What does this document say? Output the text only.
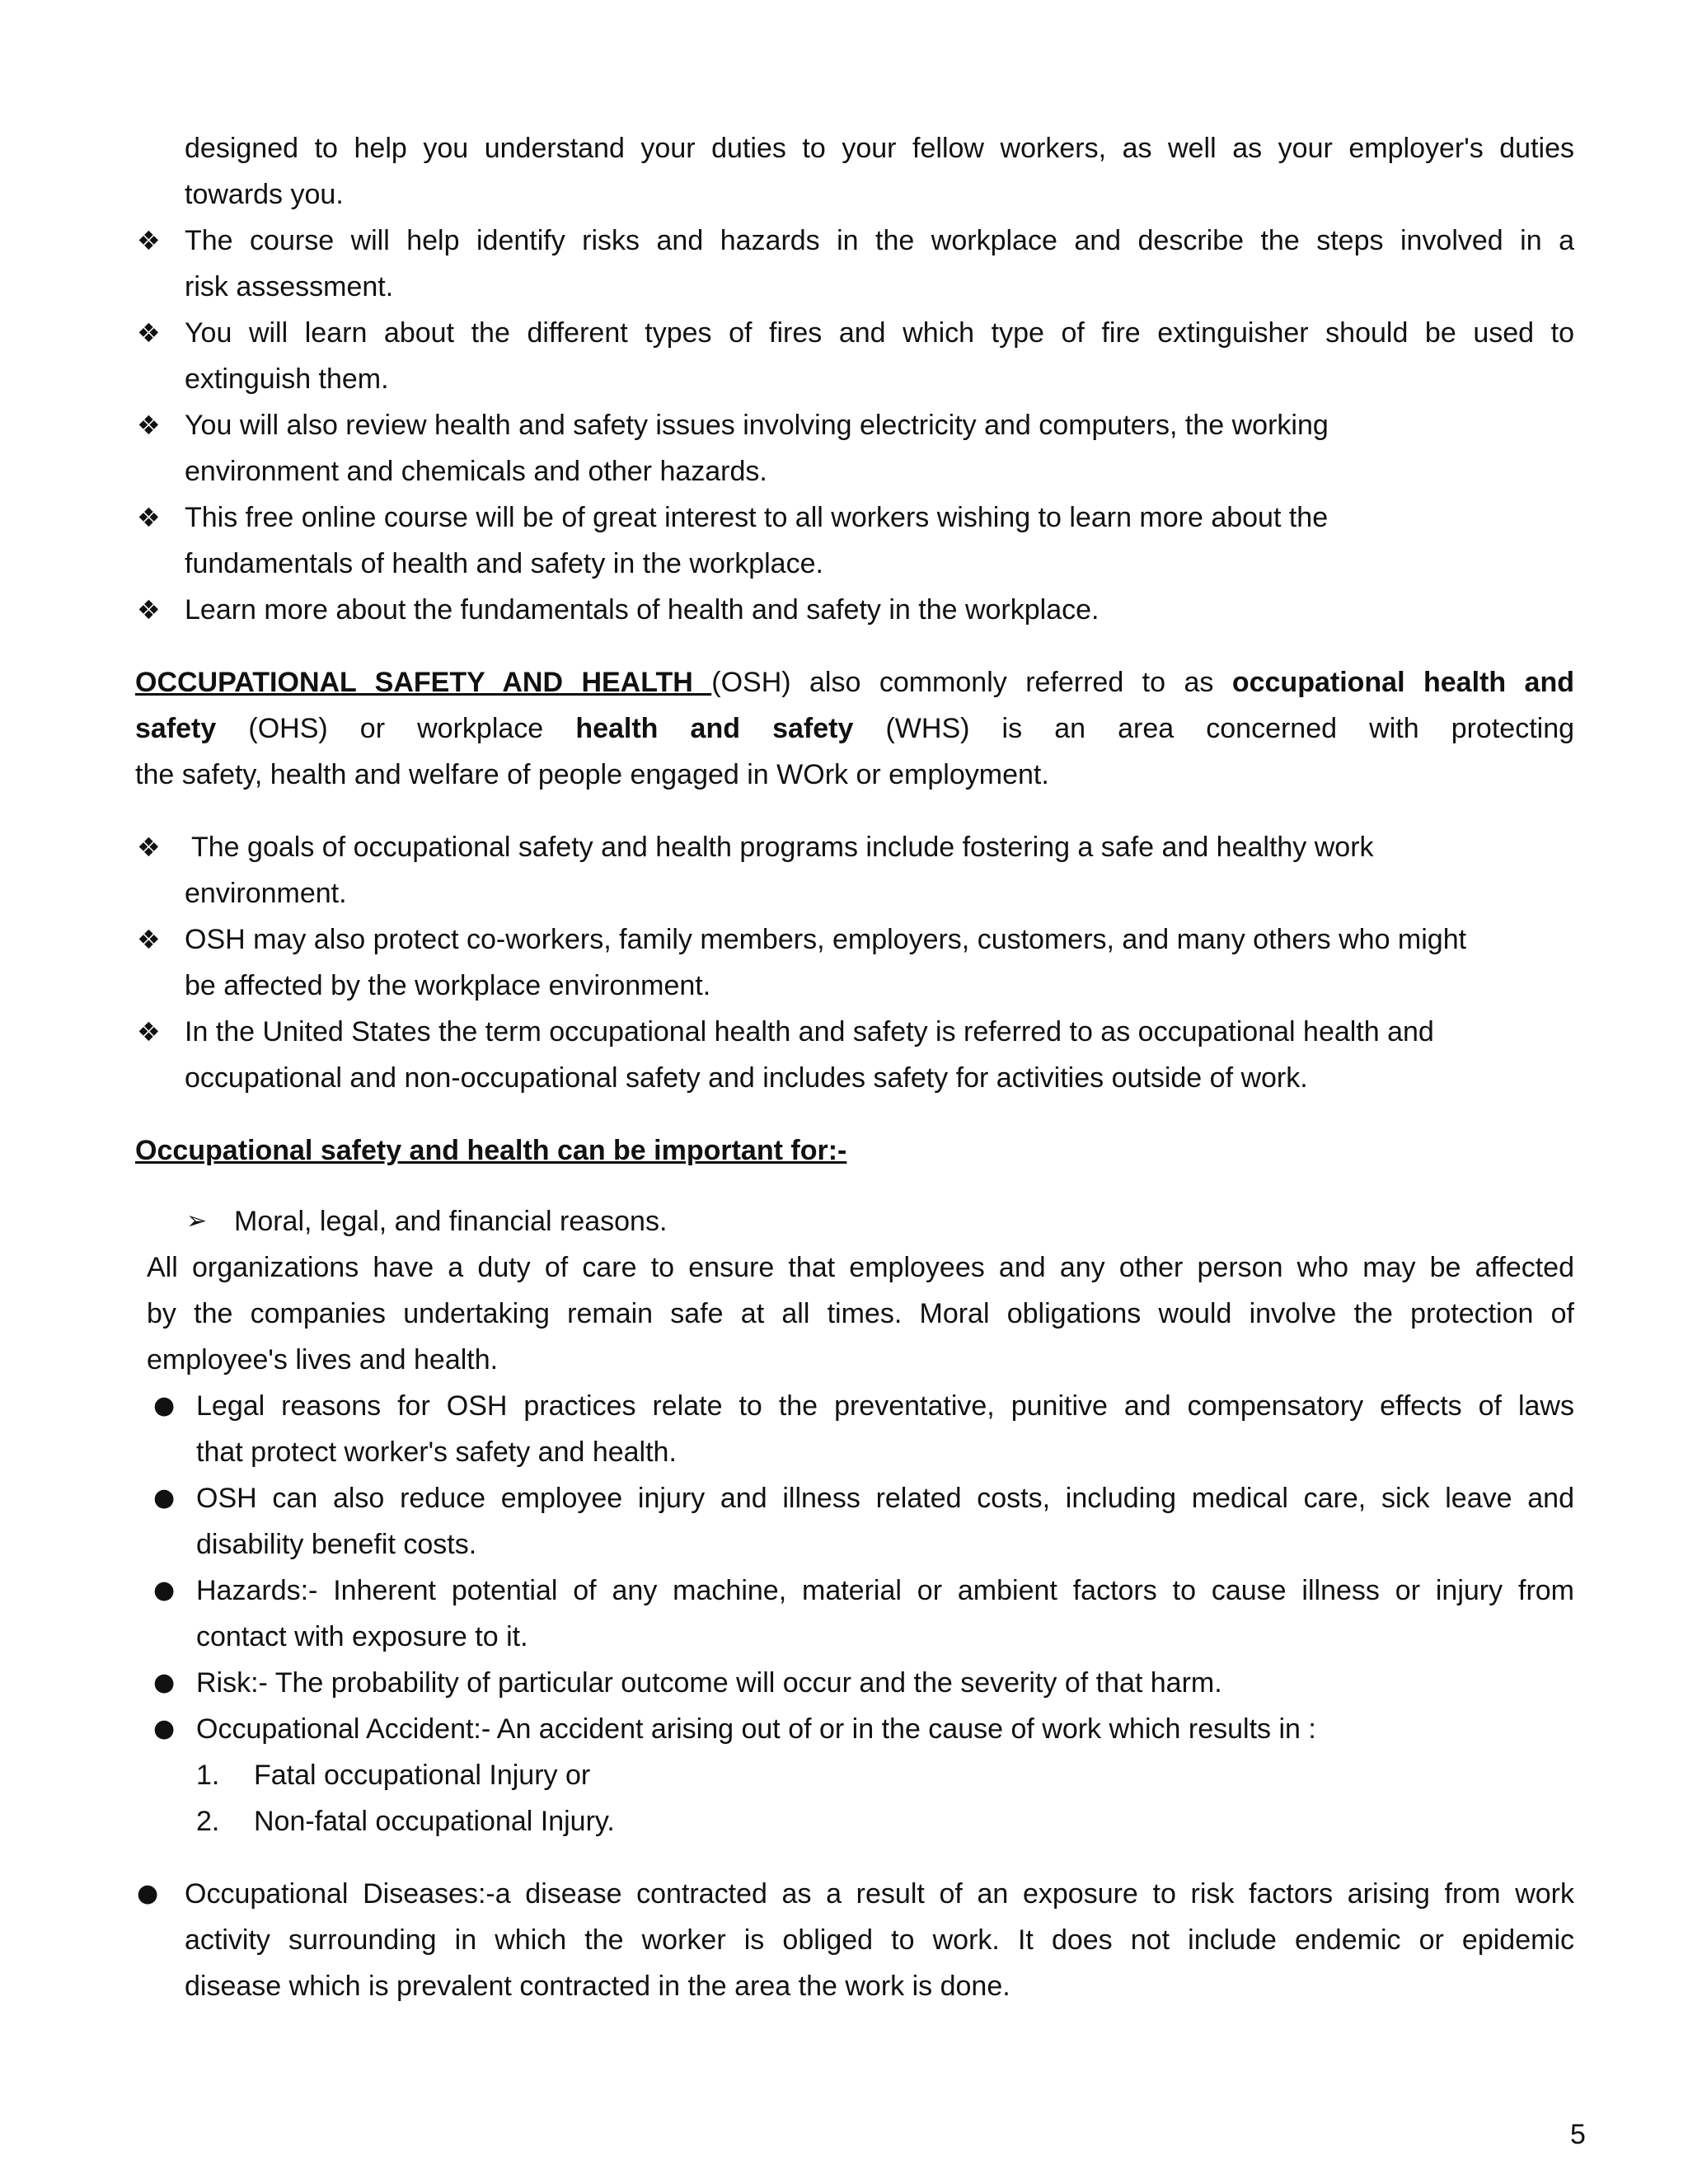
designed to help you understand your duties to your fellow workers, as well as your employer's duties
towards you.
❖ The course will help identify risks and hazards in the workplace and describe the steps involved in a
risk assessment.
❖ You will learn about the different types of fires and which type of fire extinguisher should be used to
extinguish them.
❖ You will also review health and safety issues involving electricity and computers, the working
environment and chemicals and other hazards.
❖ This free online course will be of great interest to all workers wishing to learn more about the
fundamentals of health and safety in the workplace.
❖ Learn more about the fundamentals of health and safety in the workplace.
OCCUPATIONAL SAFETY AND HEALTH (OSH) also commonly referred to as occupational health and
safety (OHS) or workplace health and safety (WHS) is an area concerned with protecting
the safety, health and welfare of people engaged in WOrk or employment.
❖ The goals of occupational safety and health programs include fostering a safe and healthy work
environment.
❖ OSH may also protect co-workers, family members, employers, customers, and many others who might
be affected by the workplace environment.
❖ In the United States the term occupational health and safety is referred to as occupational health and
occupational and non-occupational safety and includes safety for activities outside of work.
Occupational safety and health can be important for:-
➢ Moral, legal, and financial reasons.
All organizations have a duty of care to ensure that employees and any other person who may be affected
by the companies undertaking remain safe at all times. Moral obligations would involve the protection of
employee's lives and health.
● Legal reasons for OSH practices relate to the preventative, punitive and compensatory effects of laws
that protect worker's safety and health.
● OSH can also reduce employee injury and illness related costs, including medical care, sick leave and
disability benefit costs.
● Hazards:- Inherent potential of any machine, material or ambient factors to cause illness or injury from
contact with exposure to it.
● Risk:- The probability of particular outcome will occur and the severity of that harm.
● Occupational Accident:- An accident arising out of or in the cause of work which results in :
1. Fatal occupational Injury or
2. Non-fatal occupational Injury.
● Occupational Diseases:-a disease contracted as a result of an exposure to risk factors arising from work
activity surrounding in which the worker is obliged to work. It does not include endemic or epidemic
disease which is prevalent contracted in the area the work is done.
5
